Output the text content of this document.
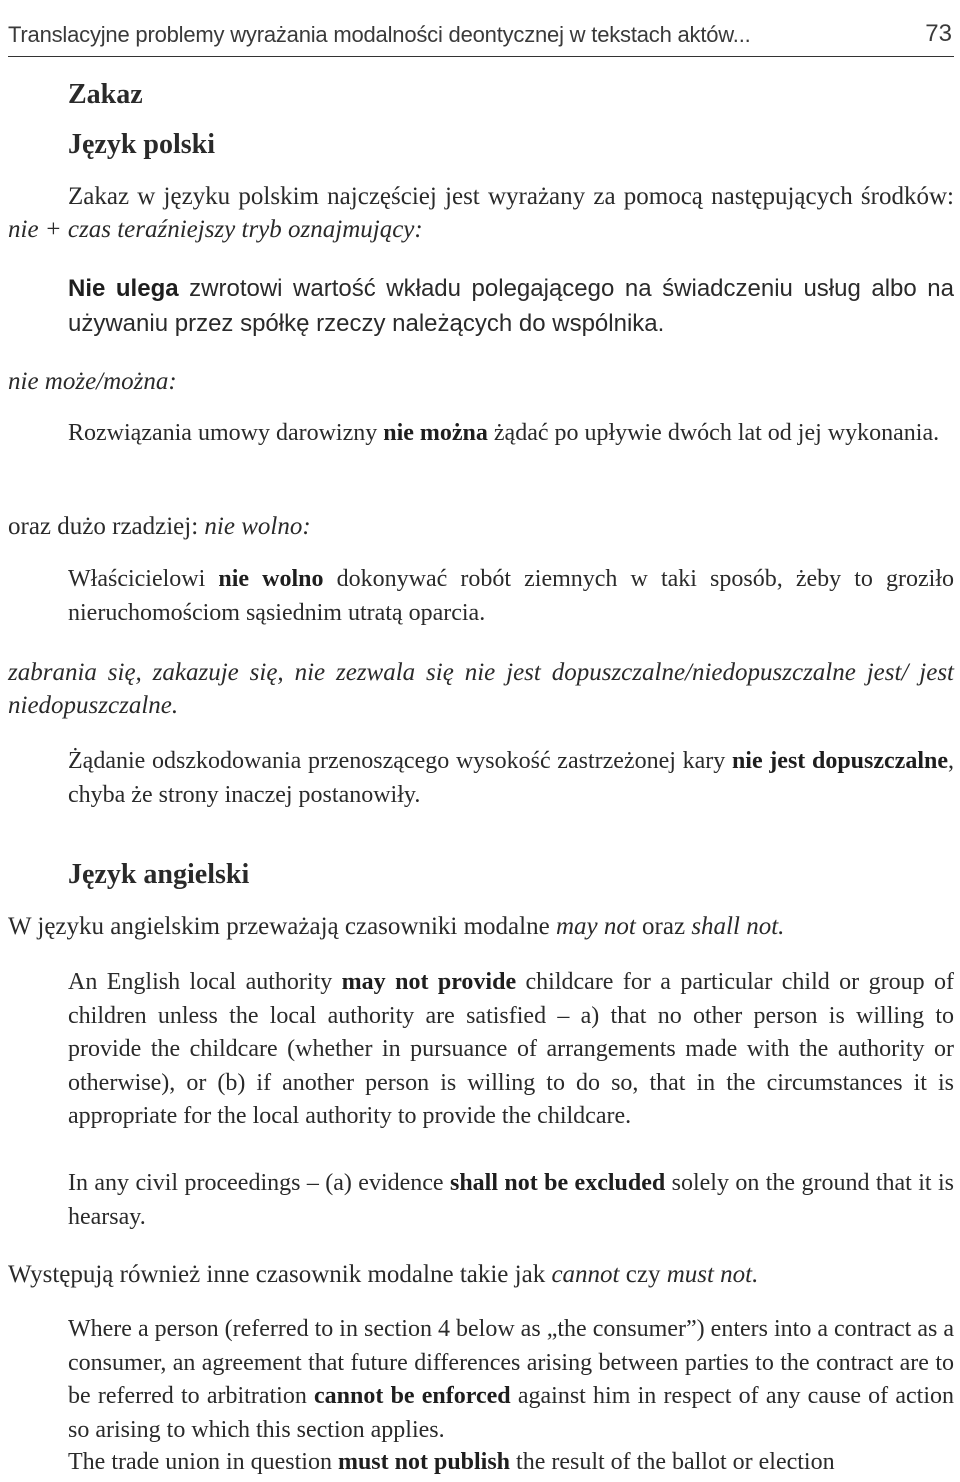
Translacyjne problemy wyrażania modalności deontycznej w tekstach aktów...	73
Zakaz
Język polski
Zakaz w języku polskim najczęściej jest wyrażany za pomocą następujących środków: nie + czas teraźniejszy tryb oznajmujący:
Nie ulega zwrotowi wartość wkładu polegającego na świadczeniu usług albo na używaniu przez spółkę rzeczy należących do wspólnika.
nie może/można:
Rozwiązania umowy darowizny nie można żądać po upływie dwóch lat od jej wykonania.
oraz dużo rzadziej: nie wolno:
Właścicielowi nie wolno dokonywać robót ziemnych w taki sposób, żeby to groziło nieruchomościom sąsiednim utratą oparcia.
zabrania się, zakazuje się, nie zezwala się nie jest dopuszczalne/niedopuszczalne jest/ jest niedopuszczalne.
Żądanie odszkodowania przenoszącego wysokość zastrzeżonej kary nie jest dopuszczalne, chyba że strony inaczej postanowiły.
Język angielski
W języku angielskim przeważają czasowniki modalne may not oraz shall not.
An English local authority may not provide childcare for a particular child or group of children unless the local authority are satisfied – a) that no other person is willing to provide the childcare (whether in pursuance of arrangements made with the authority or otherwise), or (b) if another person is willing to do so, that in the circumstances it is appropriate for the local authority to provide the childcare.
In any civil proceedings – (a) evidence shall not be excluded solely on the ground that it is hearsay.
Występują również inne czasownik modalne takie jak cannot czy must not.
Where a person (referred to in section 4 below as „the consumer”) enters into a contract as a consumer, an agreement that future differences arising between parties to the contract are to be referred to arbitration cannot be enforced against him in respect of any cause of action so arising to which this section applies.
The trade union in question must not publish the result of the ballot or election
